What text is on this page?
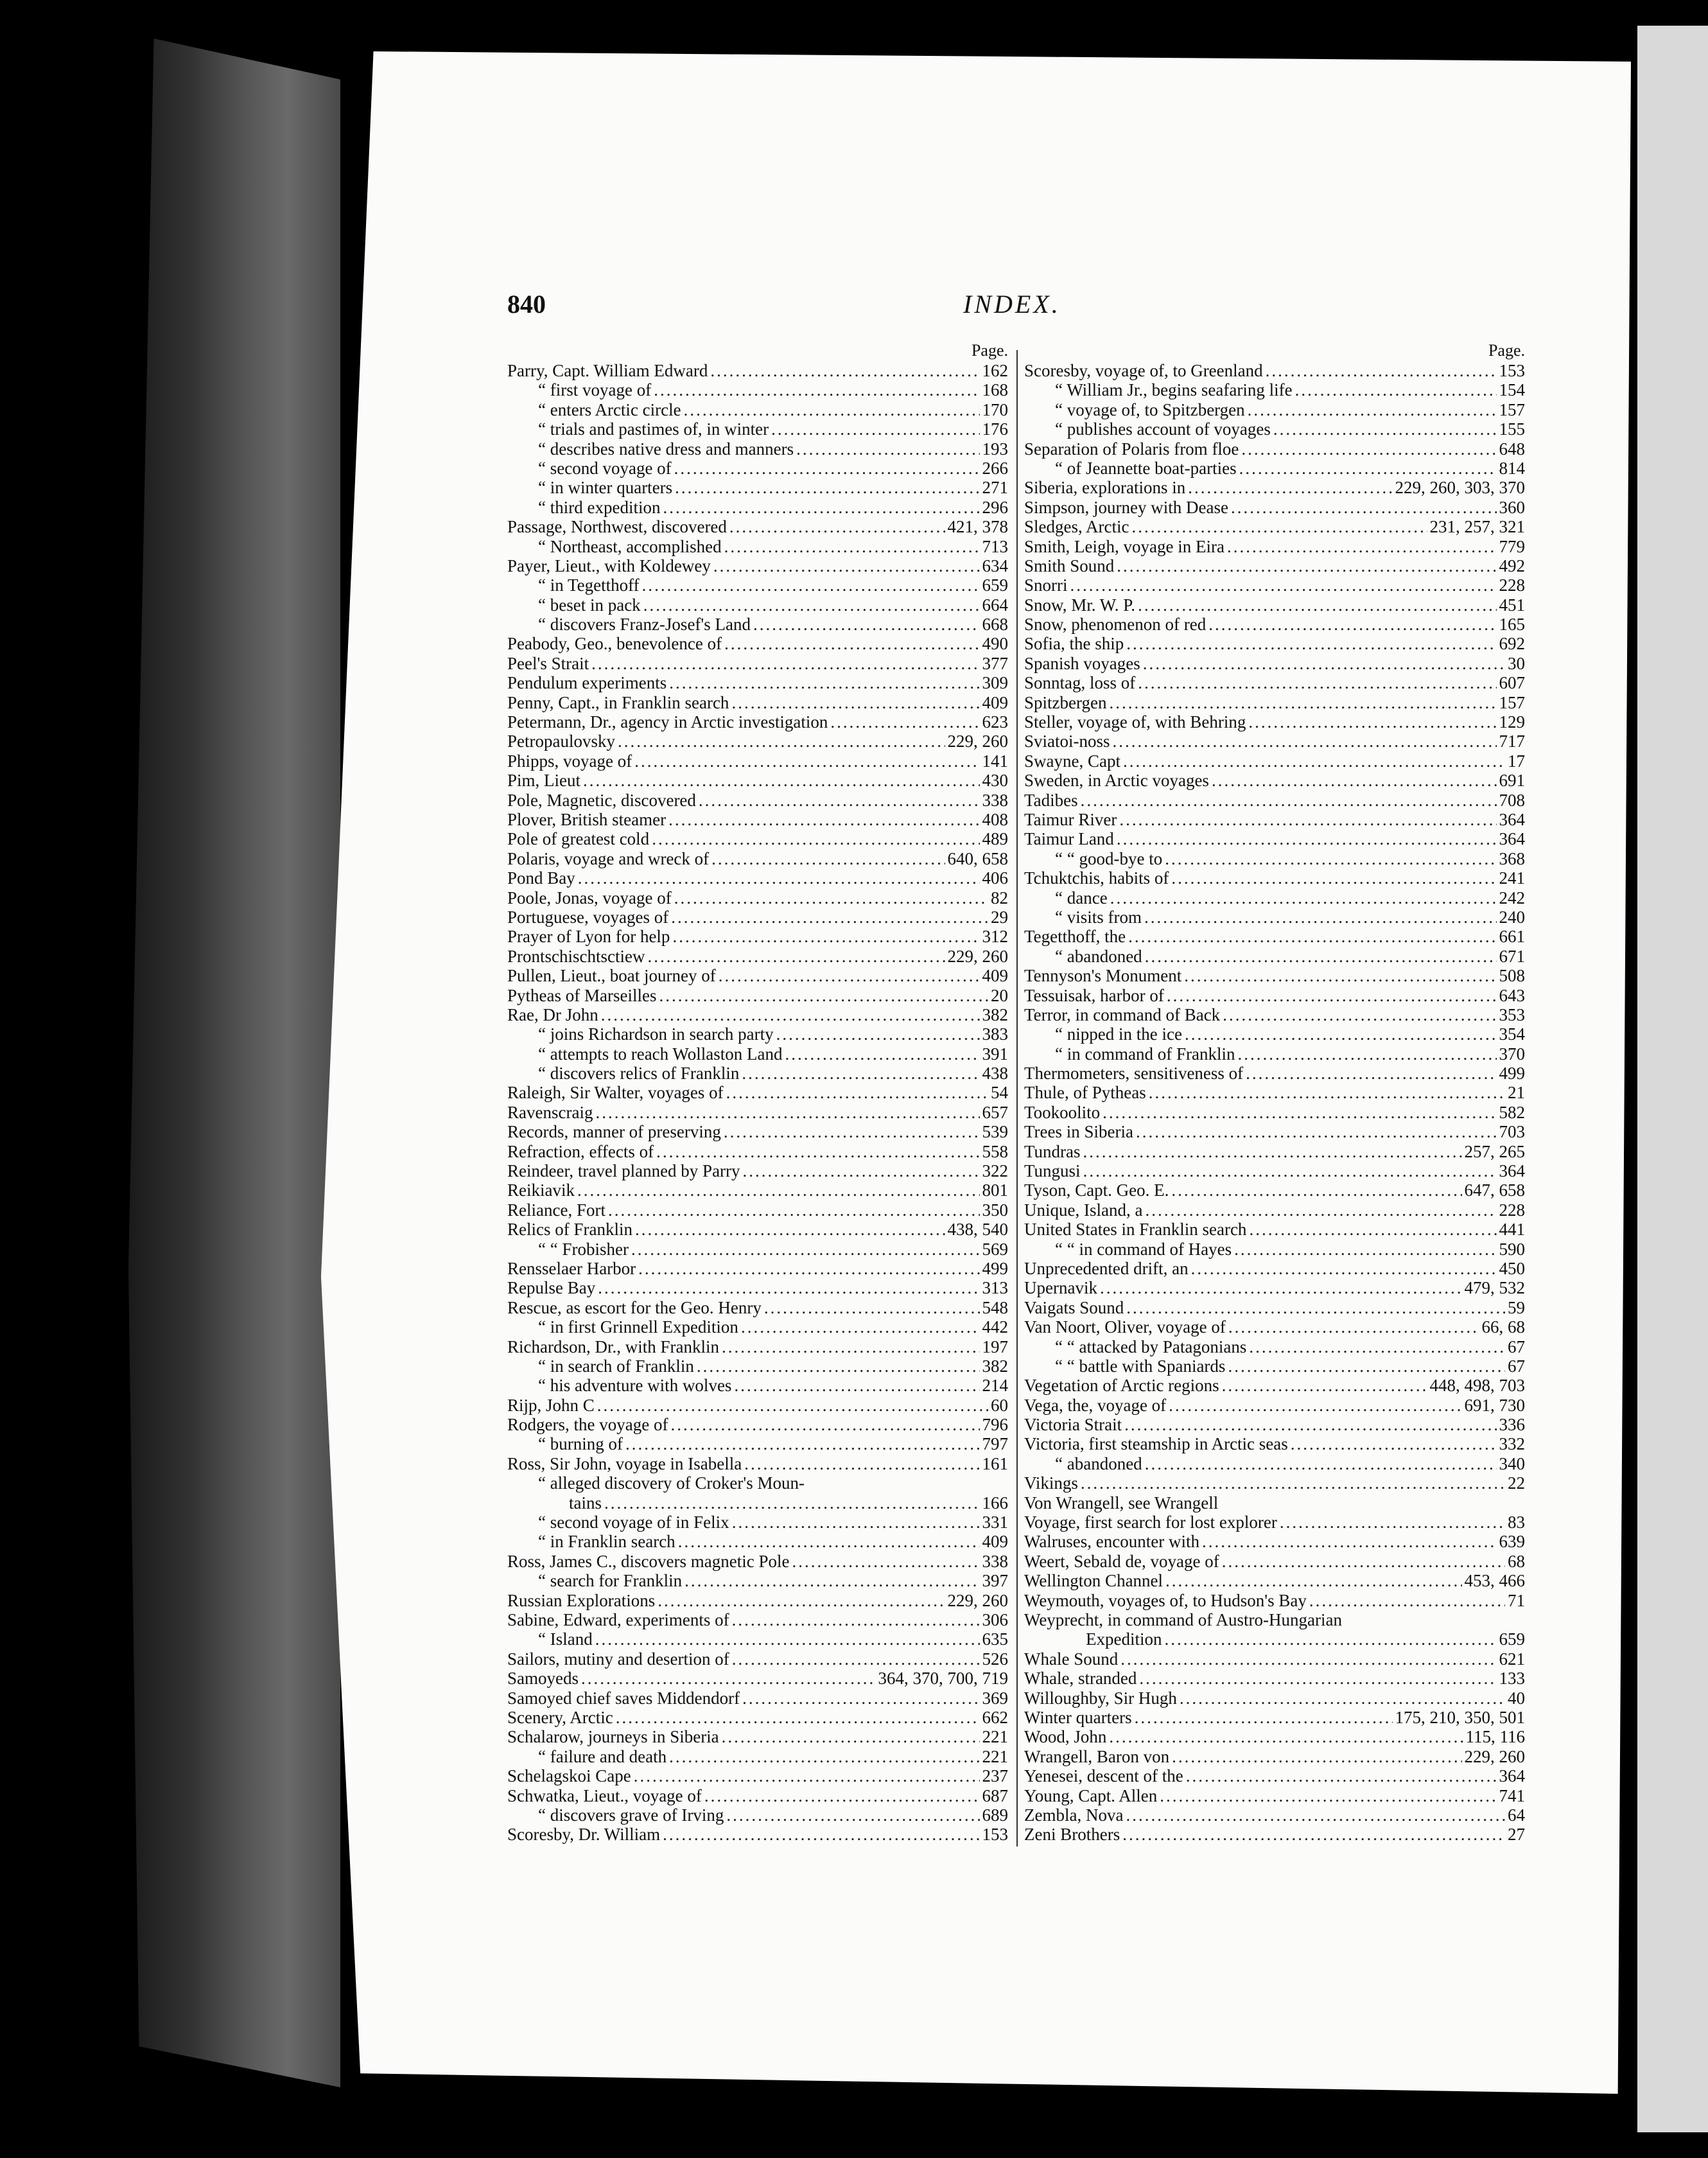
840	INDEX.
Page.
Parry, Capt. William Edward .....	162
“ first voyage of .....	168
“ enters Arctic circle .....	170
“ trials and pastimes of, in winter .....	176
“ describes native dress and manners .....	193
“ second voyage of .....	266
“ in winter quarters .....	271
“ third expedition .....	296
Passage, Northwest, discovered .....	421, 378
“ Northeast, accomplished .....	713
Payer, Lieut., with Koldewey .....	634
“ in Tegetthoff .....	659
“ beset in pack .....	664
“ discovers Franz-Josef's Land .....	668
Peabody, Geo., benevolence of .....	490
Peel's Strait .....	377
Pendulum experiments .....	309
Penny, Capt., in Franklin search .....	409
Petermann, Dr., agency in Arctic investigation .....	623
Petropaulovsky .....	229, 260
Phipps, voyage of .....	141
Pim, Lieut .....	430
Pole, Magnetic, discovered .....	338
Plover, British steamer .....	408
Pole of greatest cold .....	489
Polaris, voyage and wreck of .....	640, 658
Pond Bay .....	406
Poole, Jonas, voyage of .....	82
Portuguese, voyages of .....	29
Prayer of Lyon for help .....	312
Prontschischtsctiew .....	229, 260
Pullen, Lieut., boat journey of .....	409
Pytheas of Marseilles .....	20
Rae, Dr John .....	382
“ joins Richardson in search party .....	383
“ attempts to reach Wollaston Land .....	391
“ discovers relics of Franklin .....	438
Raleigh, Sir Walter, voyages of .....	54
Ravenscraig .....	657
Records, manner of preserving .....	539
Refraction, effects of .....	558
Reindeer, travel planned by Parry .....	322
Reikiavik .....	801
Reliance, Fort .....	350
Relics of Franklin .....	438, 540
“ “ Frobisher .....	569
Rensselaer Harbor .....	499
Repulse Bay .....	313
Rescue, as escort for the Geo. Henry .....	548
“ in first Grinnell Expedition .....	442
Richardson, Dr., with Franklin .....	197
“ in search of Franklin .....	382
“ his adventure with wolves .....	214
Rijp, John C .....	60
Rodgers, the voyage of .....	796
“ burning of .....	797
Ross, Sir John, voyage in Isabella .....	161
“ alleged discovery of Croker's Moun-
tains .....	166
“ second voyage of in Felix .....	331
“ in Franklin search .....	409
Ross, James C., discovers magnetic Pole .....	338
“ search for Franklin .....	397
Russian Explorations .....	229, 260
Sabine, Edward, experiments of .....	306
“ Island .....	635
Sailors, mutiny and desertion of .....	526
Samoyeds .....	364, 370, 700, 719
Samoyed chief saves Middendorf .....	369
Scenery, Arctic .....	662
Schalarow, journeys in Siberia .....	221
“ failure and death .....	221
Schelagskoi Cape .....	237
Schwatka, Lieut., voyage of .....	687
“ discovers grave of Irving .....	689
Scoresby, Dr. William .....	153
Page.
Scoresby, voyage of, to Greenland .....	153
“ William Jr., begins seafaring life .....	154
“ voyage of, to Spitzbergen .....	157
“ publishes account of voyages .....	155
Separation of Polaris from floe .....	648
“ of Jeannette boat-parties .....	814
Siberia, explorations in .....	229, 260, 303, 370
Simpson, journey with Dease .....	360
Sledges, Arctic .....	231, 257, 321
Smith, Leigh, voyage in Eira .....	779
Smith Sound .....	492
Snorri .....	228
Snow, Mr. W. P. .....	451
Snow, phenomenon of red .....	165
Sofia, the ship .....	692
Spanish voyages .....	30
Sonntag, loss of .....	607
Spitzbergen .....	157
Steller, voyage of, with Behring .....	129
Sviatoi-noss .....	717
Swayne, Capt .....	17
Sweden, in Arctic voyages .....	691
Tadibes .....	708
Taimur River .....	364
Taimur Land .....	364
“ “ good-bye to .....	368
Tchuktchis, habits of .....	241
“ dance .....	242
“ visits from .....	240
Tegetthoff, the .....	661
“ abandoned .....	671
Tennyson's Monument .....	508
Tessuisak, harbor of .....	643
Terror, in command of Back .....	353
“ nipped in the ice .....	354
“ in command of Franklin .....	370
Thermometers, sensitiveness of .....	499
Thule, of Pytheas .....	21
Tookoolito .....	582
Trees in Siberia .....	703
Tundras .....	257, 265
Tungusi .....	364
Tyson, Capt. Geo. E. .....	647, 658
Unique, Island, a .....	228
United States in Franklin search .....	441
“ “ in command of Hayes .....	590
Unprecedented drift, an .....	450
Upernavik .....	479, 532
Vaigats Sound .....	59
Van Noort, Oliver, voyage of .....	66, 68
“ “ attacked by Patagonians .....	67
“ “ battle with Spaniards .....	67
Vegetation of Arctic regions .....	448, 498, 703
Vega, the, voyage of .....	691, 730
Victoria Strait .....	336
Victoria, first steamship in Arctic seas .....	332
“ abandoned .....	340
Vikings .....	22
Von Wrangell, see Wrangell
Voyage, first search for lost explorer .....	83
Walruses, encounter with .....	639
Weert, Sebald de, voyage of .....	68
Wellington Channel .....	453, 466
Weymouth, voyages of, to Hudson's Bay .....	71
Weyprecht, in command of Austro-Hungarian
Expedition .....	659
Whale Sound .....	621
Whale, stranded .....	133
Willoughby, Sir Hugh .....	40
Winter quarters .....	175, 210, 350, 501
Wood, John .....	115, 116
Wrangell, Baron von .....	229, 260
Yenesei, descent of the .....	364
Young, Capt. Allen .....	741
Zembla, Nova .....	64
Zeni Brothers .....	27
